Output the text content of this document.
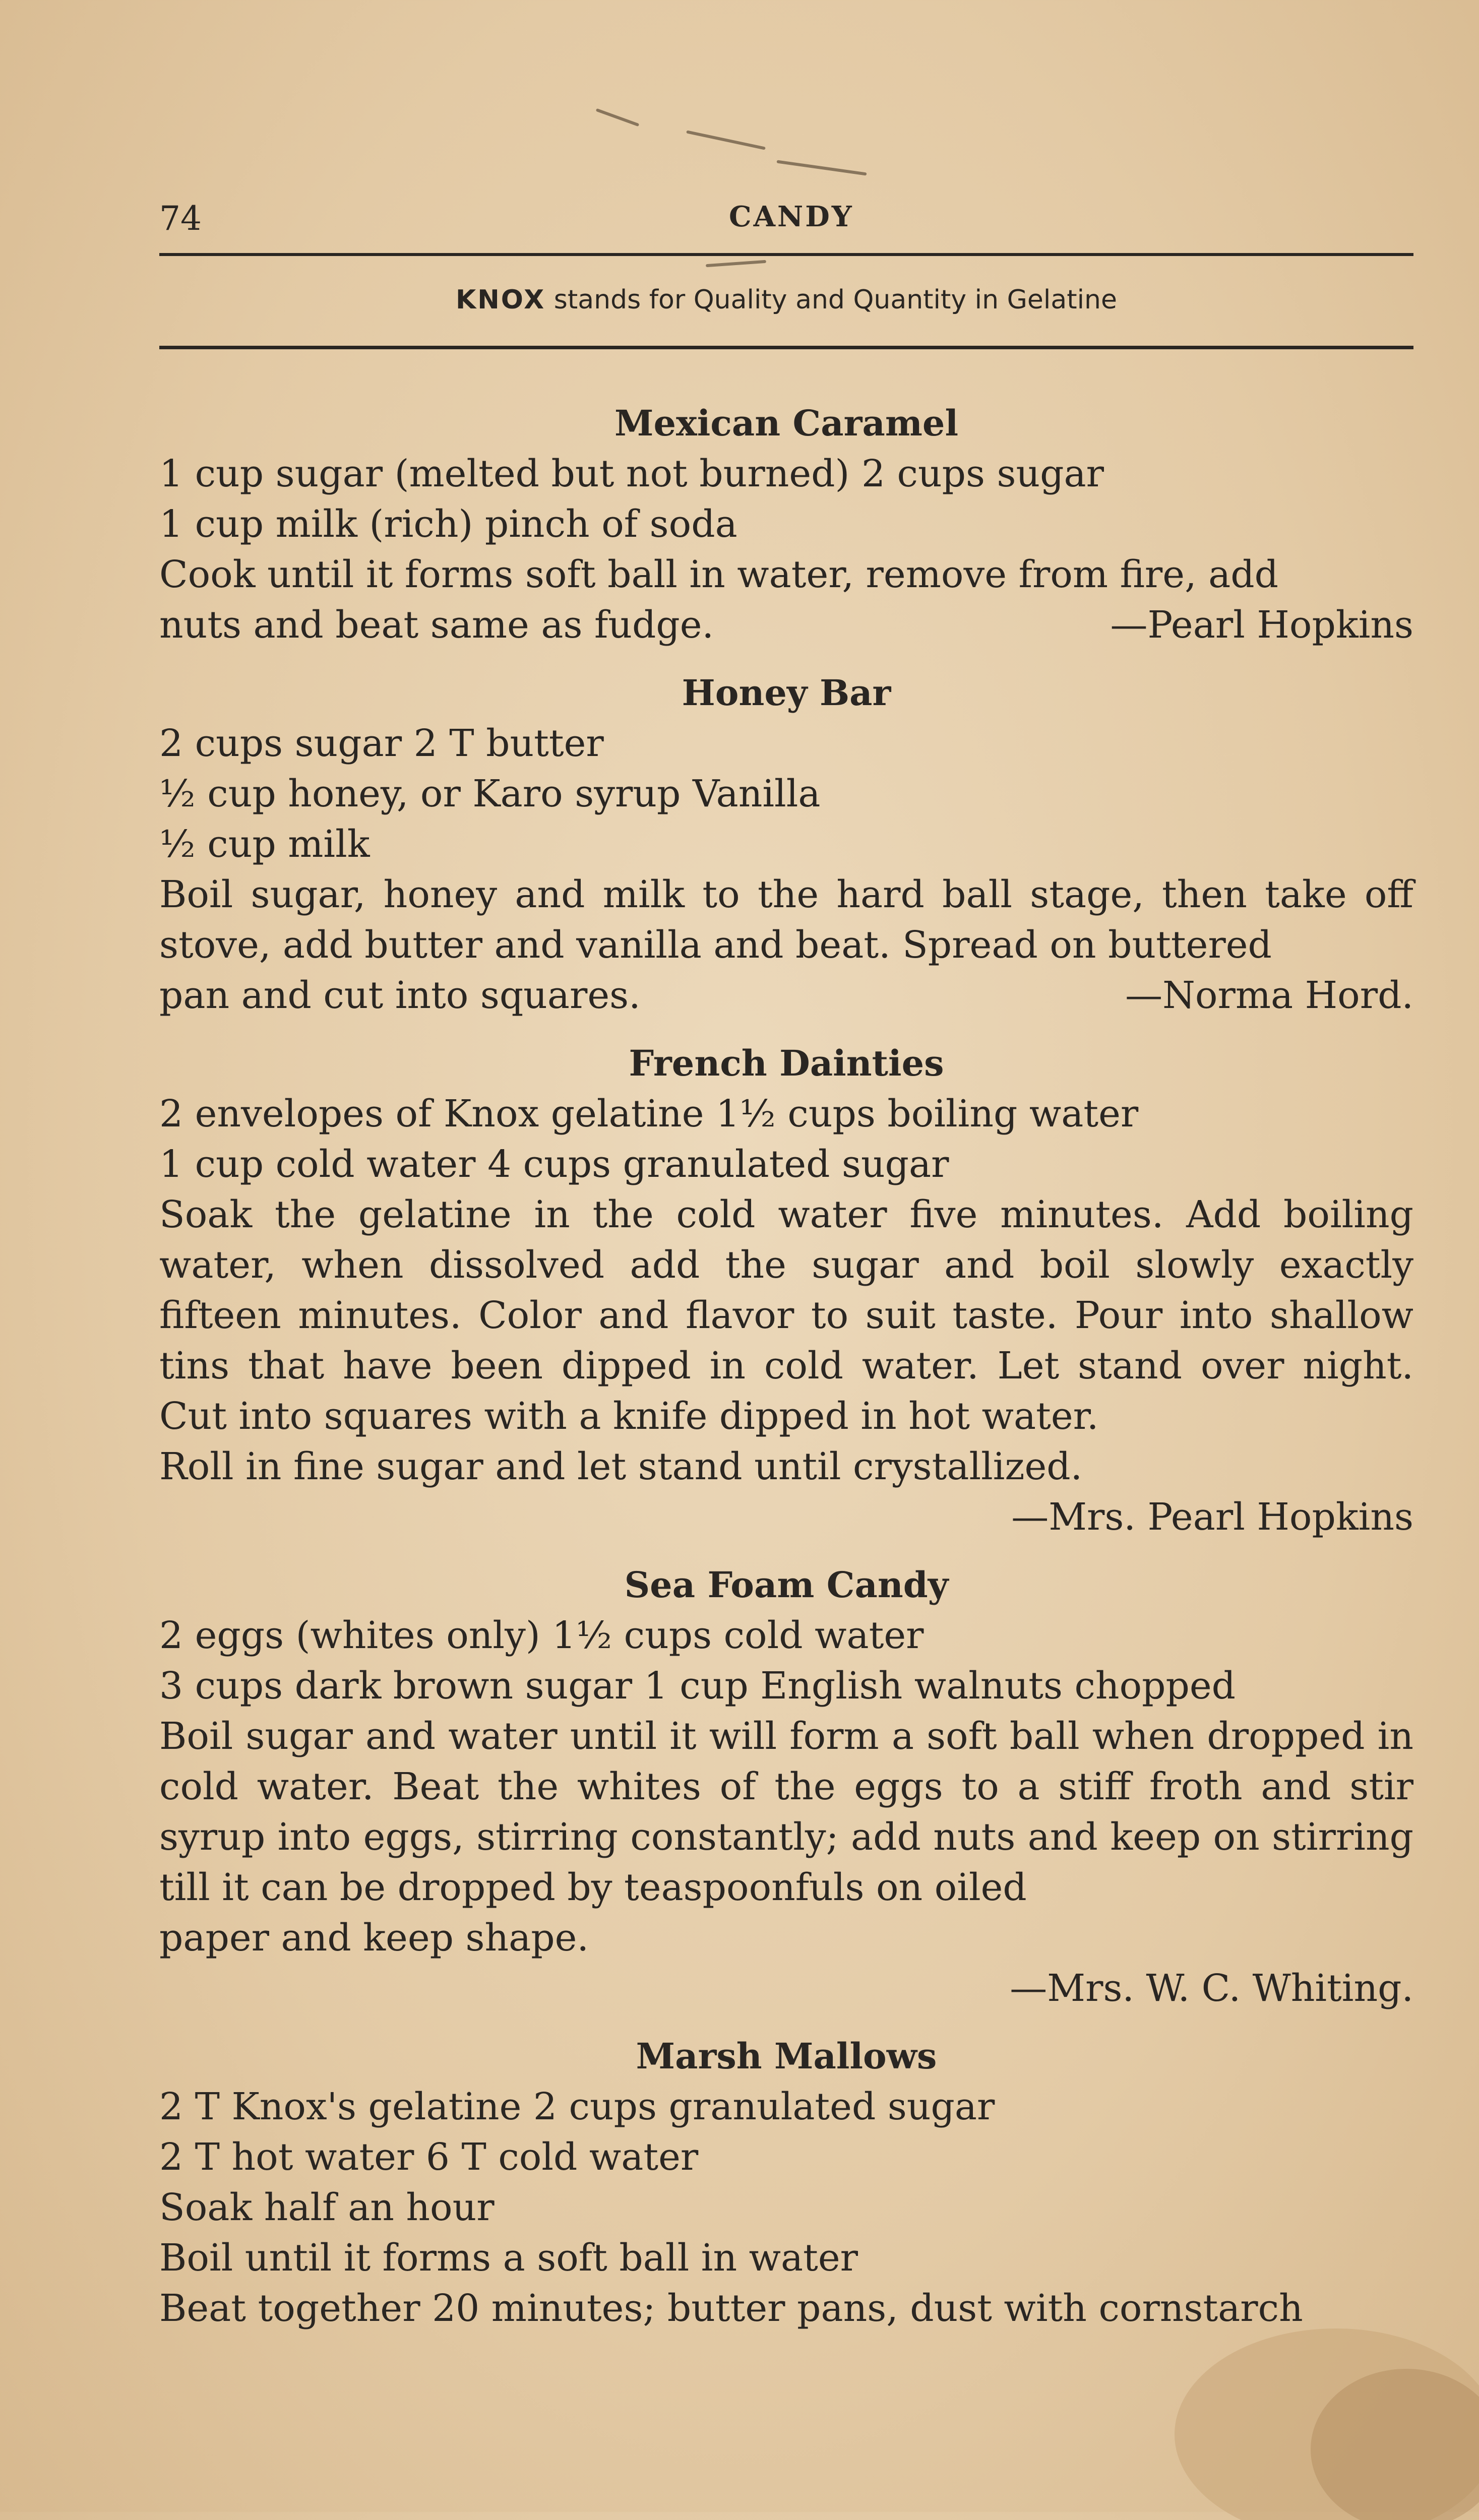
74	CANDY
KNOX stands for Quality and Quantity in Gelatine

Mexican Caramel

1 cup sugar (melted but not burned) 2 cups sugar
1 cup milk (rich) pinch of soda
Cook until it forms soft ball in water, remove from fire, add
nuts and beat same as fudge.	—Pearl Hopkins

Honey Bar

2 cups sugar 2 T butter
½ cup honey, or Karo syrup Vanilla
½ cup milk
Boil sugar, honey and milk to the hard ball stage, then take off stove, add butter and vanilla and beat. Spread on buttered
pan and cut into squares.	—Norma Hord.

French Dainties

2 envelopes of Knox gelatine 1½ cups boiling water
1 cup cold water 4 cups granulated sugar
Soak the gelatine in the cold water five minutes. Add boiling water, when dissolved add the sugar and boil slowly exactly fifteen minutes. Color and flavor to suit taste. Pour into shallow tins that have been dipped in cold water. Let stand over night. Cut into squares with a knife dipped in hot water.
Roll in fine sugar and let stand until crystallized.
—Mrs. Pearl Hopkins

Sea Foam Candy

2 eggs (whites only) 1½ cups cold water
3 cups dark brown sugar 1 cup English walnuts chopped
Boil sugar and water until it will form a soft ball when dropped in cold water. Beat the whites of the eggs to a stiff froth and stir syrup into eggs, stirring constantly; add nuts and keep on stirring till it can be dropped by teaspoonfuls on oiled
paper and keep shape.
—Mrs. W. C. Whiting.

Marsh Mallows

2 T Knox's gelatine 2 cups granulated sugar
2 T hot water 6 T cold water
Soak half an hour
Boil until it forms a soft ball in water
Beat together 20 minutes; butter pans, dust with cornstarch
